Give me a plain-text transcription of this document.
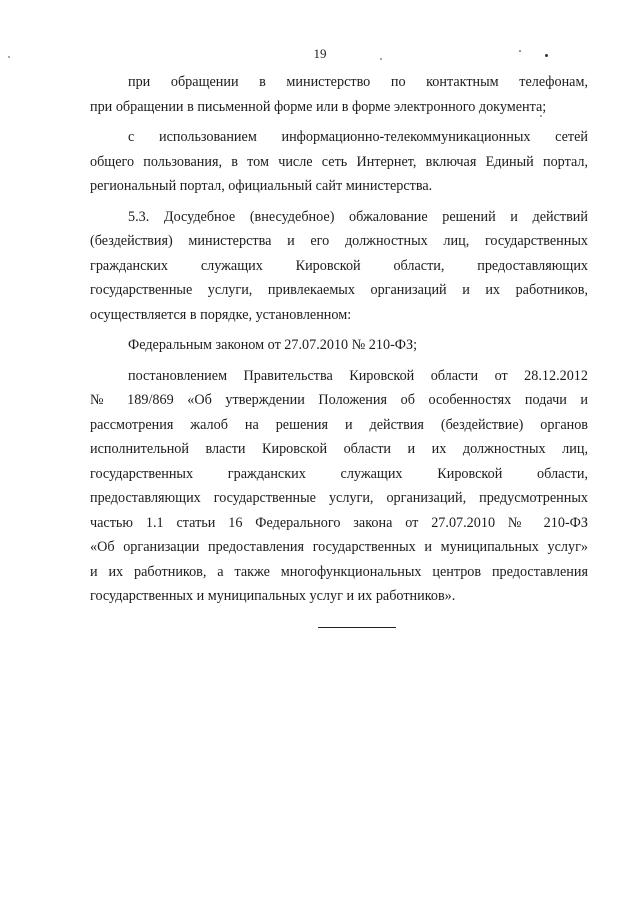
19
при обращении в министерство по контактным телефонам,
при обращении в письменной форме или в форме электронного документа;
с использованием информационно-телекоммуникационных сетей
общего пользования, в том числе сеть Интернет, включая Единый портал,
региональный портал, официальный сайт министерства.
5.3. Досудебное (внесудебное) обжалование решений и действий
(бездействия) министерства и его должностных лиц, государственных
гражданских служащих Кировской области, предоставляющих
государственные услуги, привлекаемых организаций и их работников,
осуществляется в порядке, установленном:
Федеральным законом от 27.07.2010 № 210-ФЗ;
постановлением Правительства Кировской области от 28.12.2012
№ 189/869 «Об утверждении Положения об особенностях подачи и
рассмотрения жалоб на решения и действия (бездействие) органов
исполнительной власти Кировской области и их должностных лиц,
государственных гражданских служащих Кировской области,
предоставляющих государственные услуги, организаций, предусмотренных
частью 1.1 статьи 16 Федерального закона от 27.07.2010 № 210-ФЗ
«Об организации предоставления государственных и муниципальных услуг»
и их работников, а также многофункциональных центров предоставления
государственных и муниципальных услуг и их работников».
